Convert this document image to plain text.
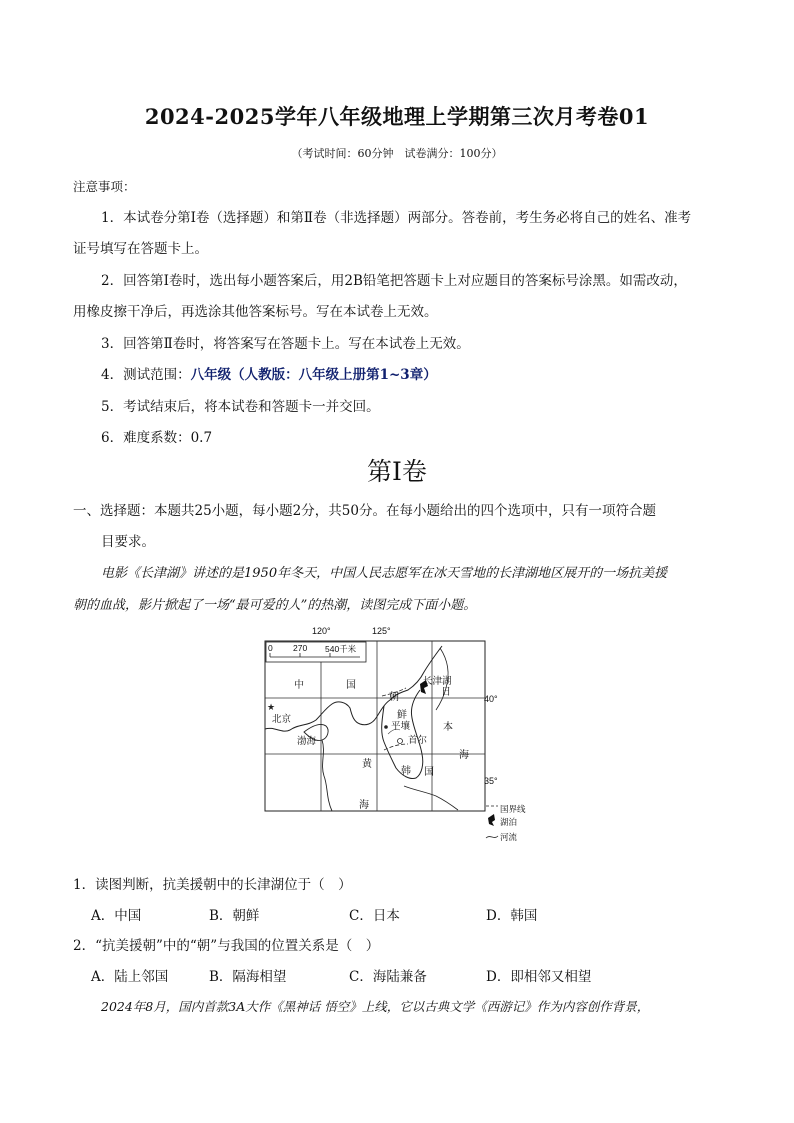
2024-2025学年八年级地理上学期第三次月考卷01
（考试时间：60分钟　试卷满分：100分）
注意事项：
1．本试卷分第Ⅰ卷（选择题）和第Ⅱ卷（非选择题）两部分。答卷前，考生务必将自己的姓名、准考
证号填写在答题卡上。
2．回答第Ⅰ卷时，选出每小题答案后，用2B铅笔把答题卡上对应题目的答案标号涂黑。如需改动，
用橡皮擦干净后，再选涂其他答案标号。写在本试卷上无效。
3．回答第Ⅱ卷时，将答案写在答题卡上。写在本试卷上无效。
4．测试范围：八年级（人教版：八年级上册第1~3章）
5．考试结束后，将本试卷和答题卡一并交回。
6．难度系数：0.7
第Ⅰ卷
一、选择题：本题共25小题，每小题2分，共50分。在每小题给出的四个选项中，只有一项符合题
目要求。
电影《长津湖》讲述的是1950年冬天，中国人民志愿军在冰天雪地的长津湖地区展开的一场抗美援
朝的血战，影片掀起了一场“最可爱的人”的热潮，读图完成下面小题。
★
120°	125°
40°
35°
0 270 540千米
中	国
北京
渤海
黄
海
朝
鲜
平壤
首尔
韩 国
长津湖
日
本
海
国界线
湖泊
河流
1．读图判断，抗美援朝中的长津湖位于（　）
A．中国	B．朝鲜	C．日本	D．韩国
2．“抗美援朝”中的“朝”与我国的位置关系是（　）
A．陆上邻国	B．隔海相望	C．海陆兼备	D．即相邻又相望
2024年8月，国内首款3A大作《黑神话 悟空》上线，它以古典文学《西游记》作为内容创作背景，
